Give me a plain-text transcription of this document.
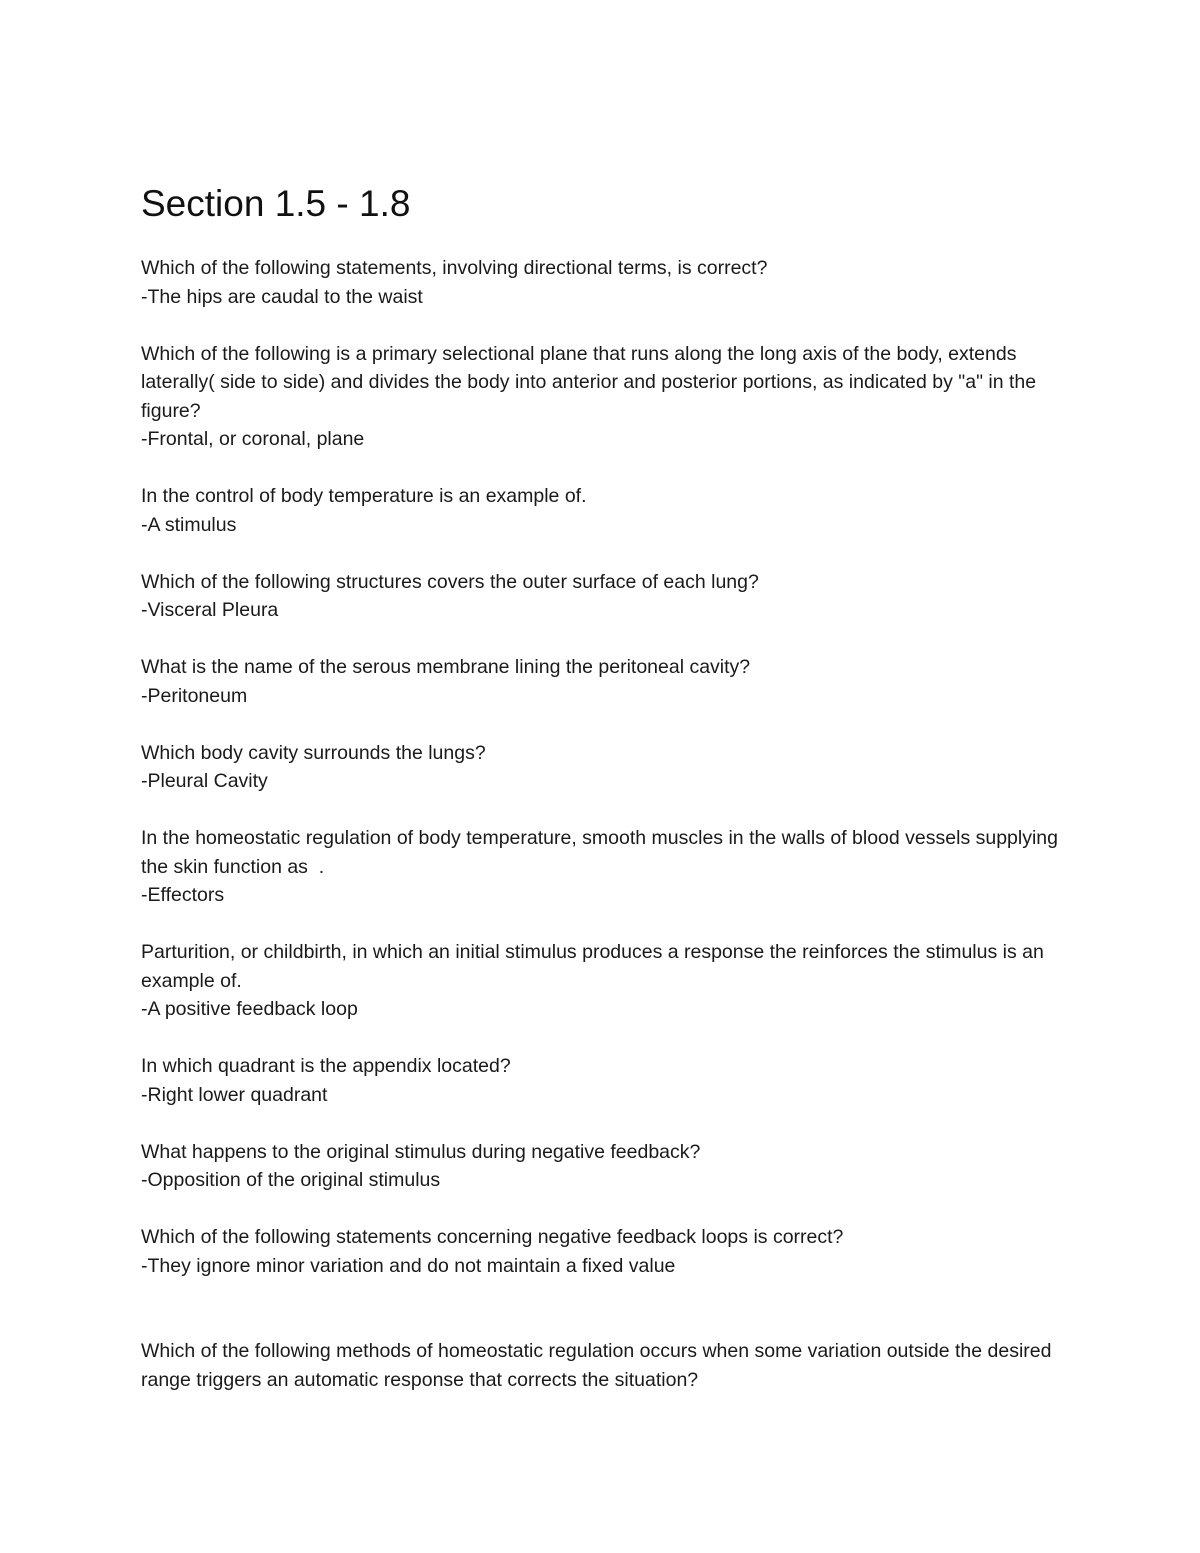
Section 1.5 - 1.8
Which of the following statements, involving directional terms, is correct?
-The hips are caudal to the waist
Which of the following is a primary selectional plane that runs along the long axis of the body, extends laterally( side to side) and divides the body into anterior and posterior portions, as indicated by "a" in the figure?
-Frontal, or coronal, plane
In the control of body temperature is an example of.
-A stimulus
Which of the following structures covers the outer surface of each lung?
-Visceral Pleura
What is the name of the serous membrane lining the peritoneal cavity?
-Peritoneum
Which body cavity surrounds the lungs?
-Pleural Cavity
In the homeostatic regulation of body temperature, smooth muscles in the walls of blood vessels supplying the skin function as  .
-Effectors
Parturition, or childbirth, in which an initial stimulus produces a response the reinforces the stimulus is an example of.
-A positive feedback loop
In which quadrant is the appendix located?
-Right lower quadrant
What happens to the original stimulus during negative feedback?
-Opposition of the original stimulus
Which of the following statements concerning negative feedback loops is correct?
-They ignore minor variation and do not maintain a fixed value
Which of the following methods of homeostatic regulation occurs when some variation outside the desired range triggers an automatic response that corrects the situation?
